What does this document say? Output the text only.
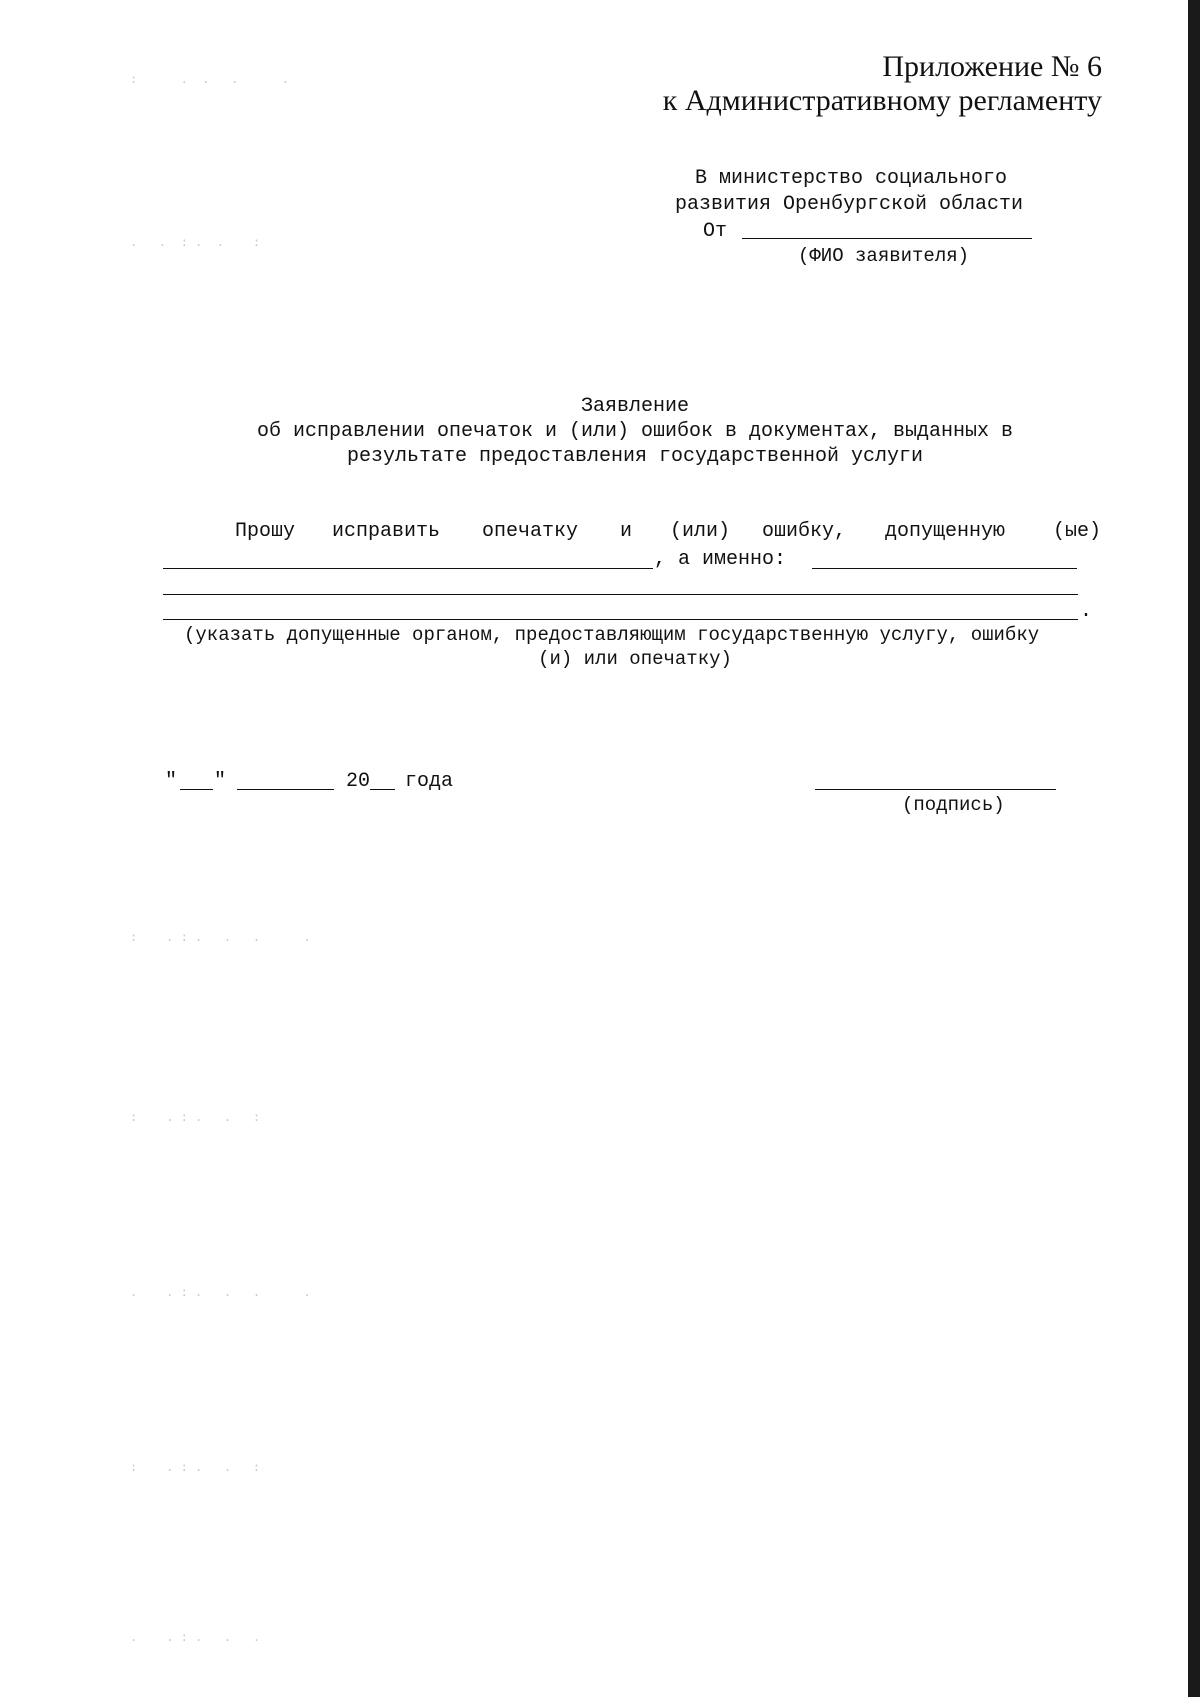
:      .  .   .      .
.   .  : .  .    :
:    . : .   .   .      .
:    . : .   .   :
.    . : .   .   .      .
:    . : .   .   :
.    . : .   .   .
Приложение № 6
к Административному регламенту
В министерство социального
развития Оренбургской области
От
(ФИО заявителя)
Заявление
об исправлении опечаток и (или) ошибок в документах, выданных в
результате предоставления государственной услуги
Прошу исправить опечатку и (или) ошибку, допущенную (ые)
, а именно:
.
(указать допущенные органом, предоставляющим государственную услугу, ошибку
(и) или опечатку)
" "	20 года
(подпись)
